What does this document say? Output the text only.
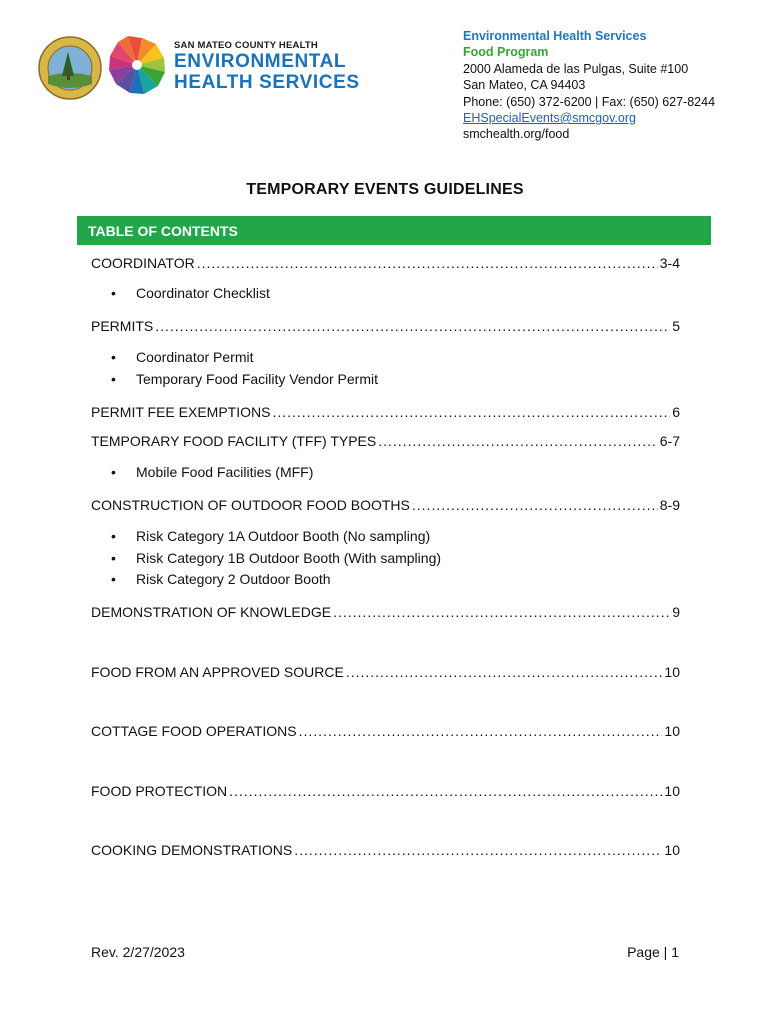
SAN MATEO COUNTY HEALTH
ENVIRONMENTAL
HEALTH SERVICES
Environmental Health Services
Food Program
2000 Alameda de las Pulgas, Suite #100
San Mateo, CA 94403
Phone: (650) 372-6200 | Fax: (650) 627-8244
EHSpecialEvents@smcgov.org
smchealth.org/food
TEMPORARY EVENTS GUIDELINES
TABLE OF CONTENTS
COORDINATOR .....	3-4
• Coordinator Checklist
PERMITS .....	5
• Coordinator Permit
• Temporary Food Facility Vendor Permit
PERMIT FEE EXEMPTIONS .....	6
TEMPORARY FOOD FACILITY (TFF) TYPES .....	6-7
• Mobile Food Facilities (MFF)
CONSTRUCTION OF OUTDOOR FOOD BOOTHS .....	8-9
• Risk Category 1A Outdoor Booth (No sampling)
• Risk Category 1B Outdoor Booth (With sampling)
• Risk Category 2 Outdoor Booth
DEMONSTRATION OF KNOWLEDGE .....	9
FOOD FROM AN APPROVED SOURCE .....	10
COTTAGE FOOD OPERATIONS .....	10
FOOD PROTECTION .....	10
COOKING DEMONSTRATIONS .....	10
Rev. 2/27/2023	Page | 1
